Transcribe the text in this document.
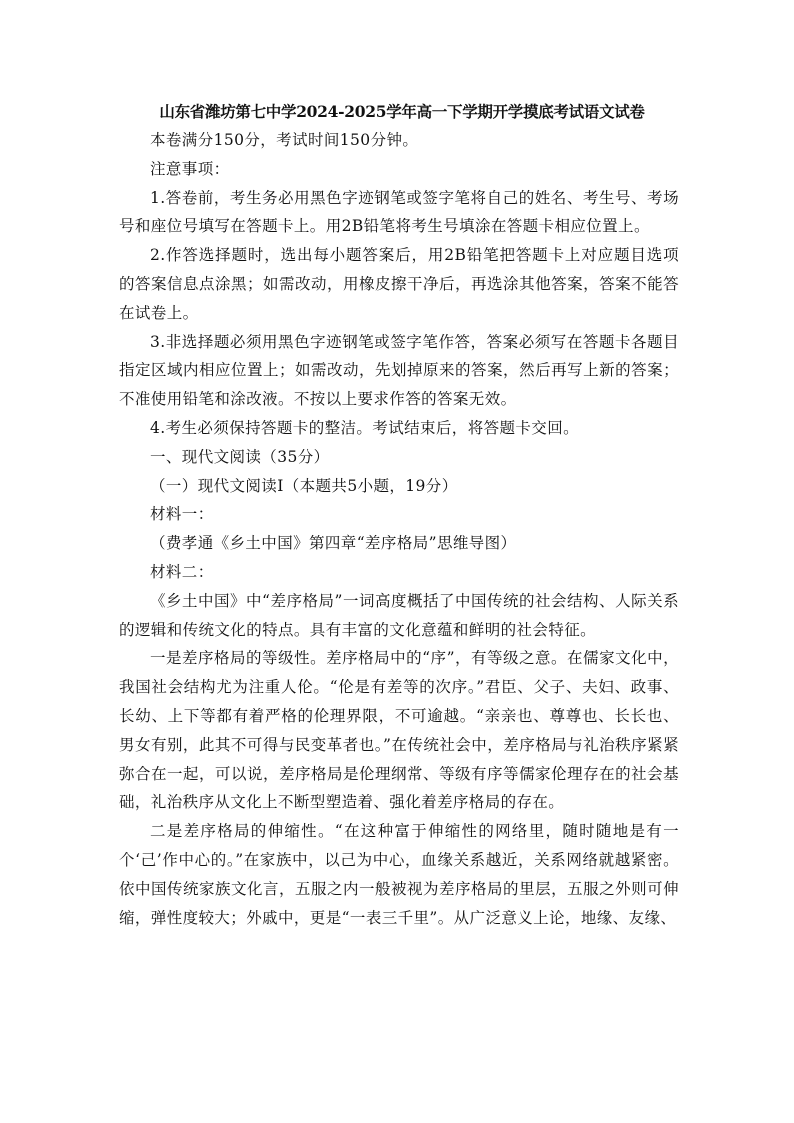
山东省潍坊第七中学2024-2025学年高一下学期开学摸底考试语文试卷

本卷满分150分，考试时间150分钟。

注意事项：

1.答卷前，考生务必用黑色字迹钢笔或签字笔将自己的姓名、考生号、考场号和座位号填写在答题卡上。用2B铅笔将考生号填涂在答题卡相应位置上。

2.作答选择题时，选出每小题答案后，用2B铅笔把答题卡上对应题目选项的答案信息点涂黑；如需改动，用橡皮擦干净后，再选涂其他答案，答案不能答在试卷上。

3.非选择题必须用黑色字迹钢笔或签字笔作答，答案必须写在答题卡各题目指定区域内相应位置上；如需改动，先划掉原来的答案，然后再写上新的答案；不准使用铅笔和涂改液。不按以上要求作答的答案无效。

4.考生必须保持答题卡的整洁。考试结束后，将答题卡交回。

一、现代文阅读（35分）

（一）现代文阅读Ⅰ（本题共5小题，19分）

材料一：

（费孝通《乡土中国》第四章“差序格局”思维导图）

材料二：

《乡土中国》中“差序格局”一词高度概括了中国传统的社会结构、人际关系的逻辑和传统文化的特点。具有丰富的文化意蕴和鲜明的社会特征。

一是差序格局的等级性。差序格局中的“序”，有等级之意。在儒家文化中，我国社会结构尤为注重人伦。“伦是有差等的次序。”君臣、父子、夫妇、政事、长幼、上下等都有着严格的伦理界限，不可逾越。“亲亲也、尊尊也、长长也、男女有别，此其不可得与民变革者也。”在传统社会中，差序格局与礼治秩序紧紧弥合在一起，可以说，差序格局是伦理纲常、等级有序等儒家伦理存在的社会基础，礼治秩序从文化上不断型塑造着、强化着差序格局的存在。

二是差序格局的伸缩性。“在这种富于伸缩性的网络里，随时随地是有一个‘己’作中心的。”在家族中，以己为中心，血缘关系越近，关系网络就越紧密。依中国传统家族文化言，五服之内一般被视为差序格局的里层，五服之外则可伸缩，弹性度较大；外戚中，更是“一表三千里”。从广泛意义上论，地缘、友缘、
